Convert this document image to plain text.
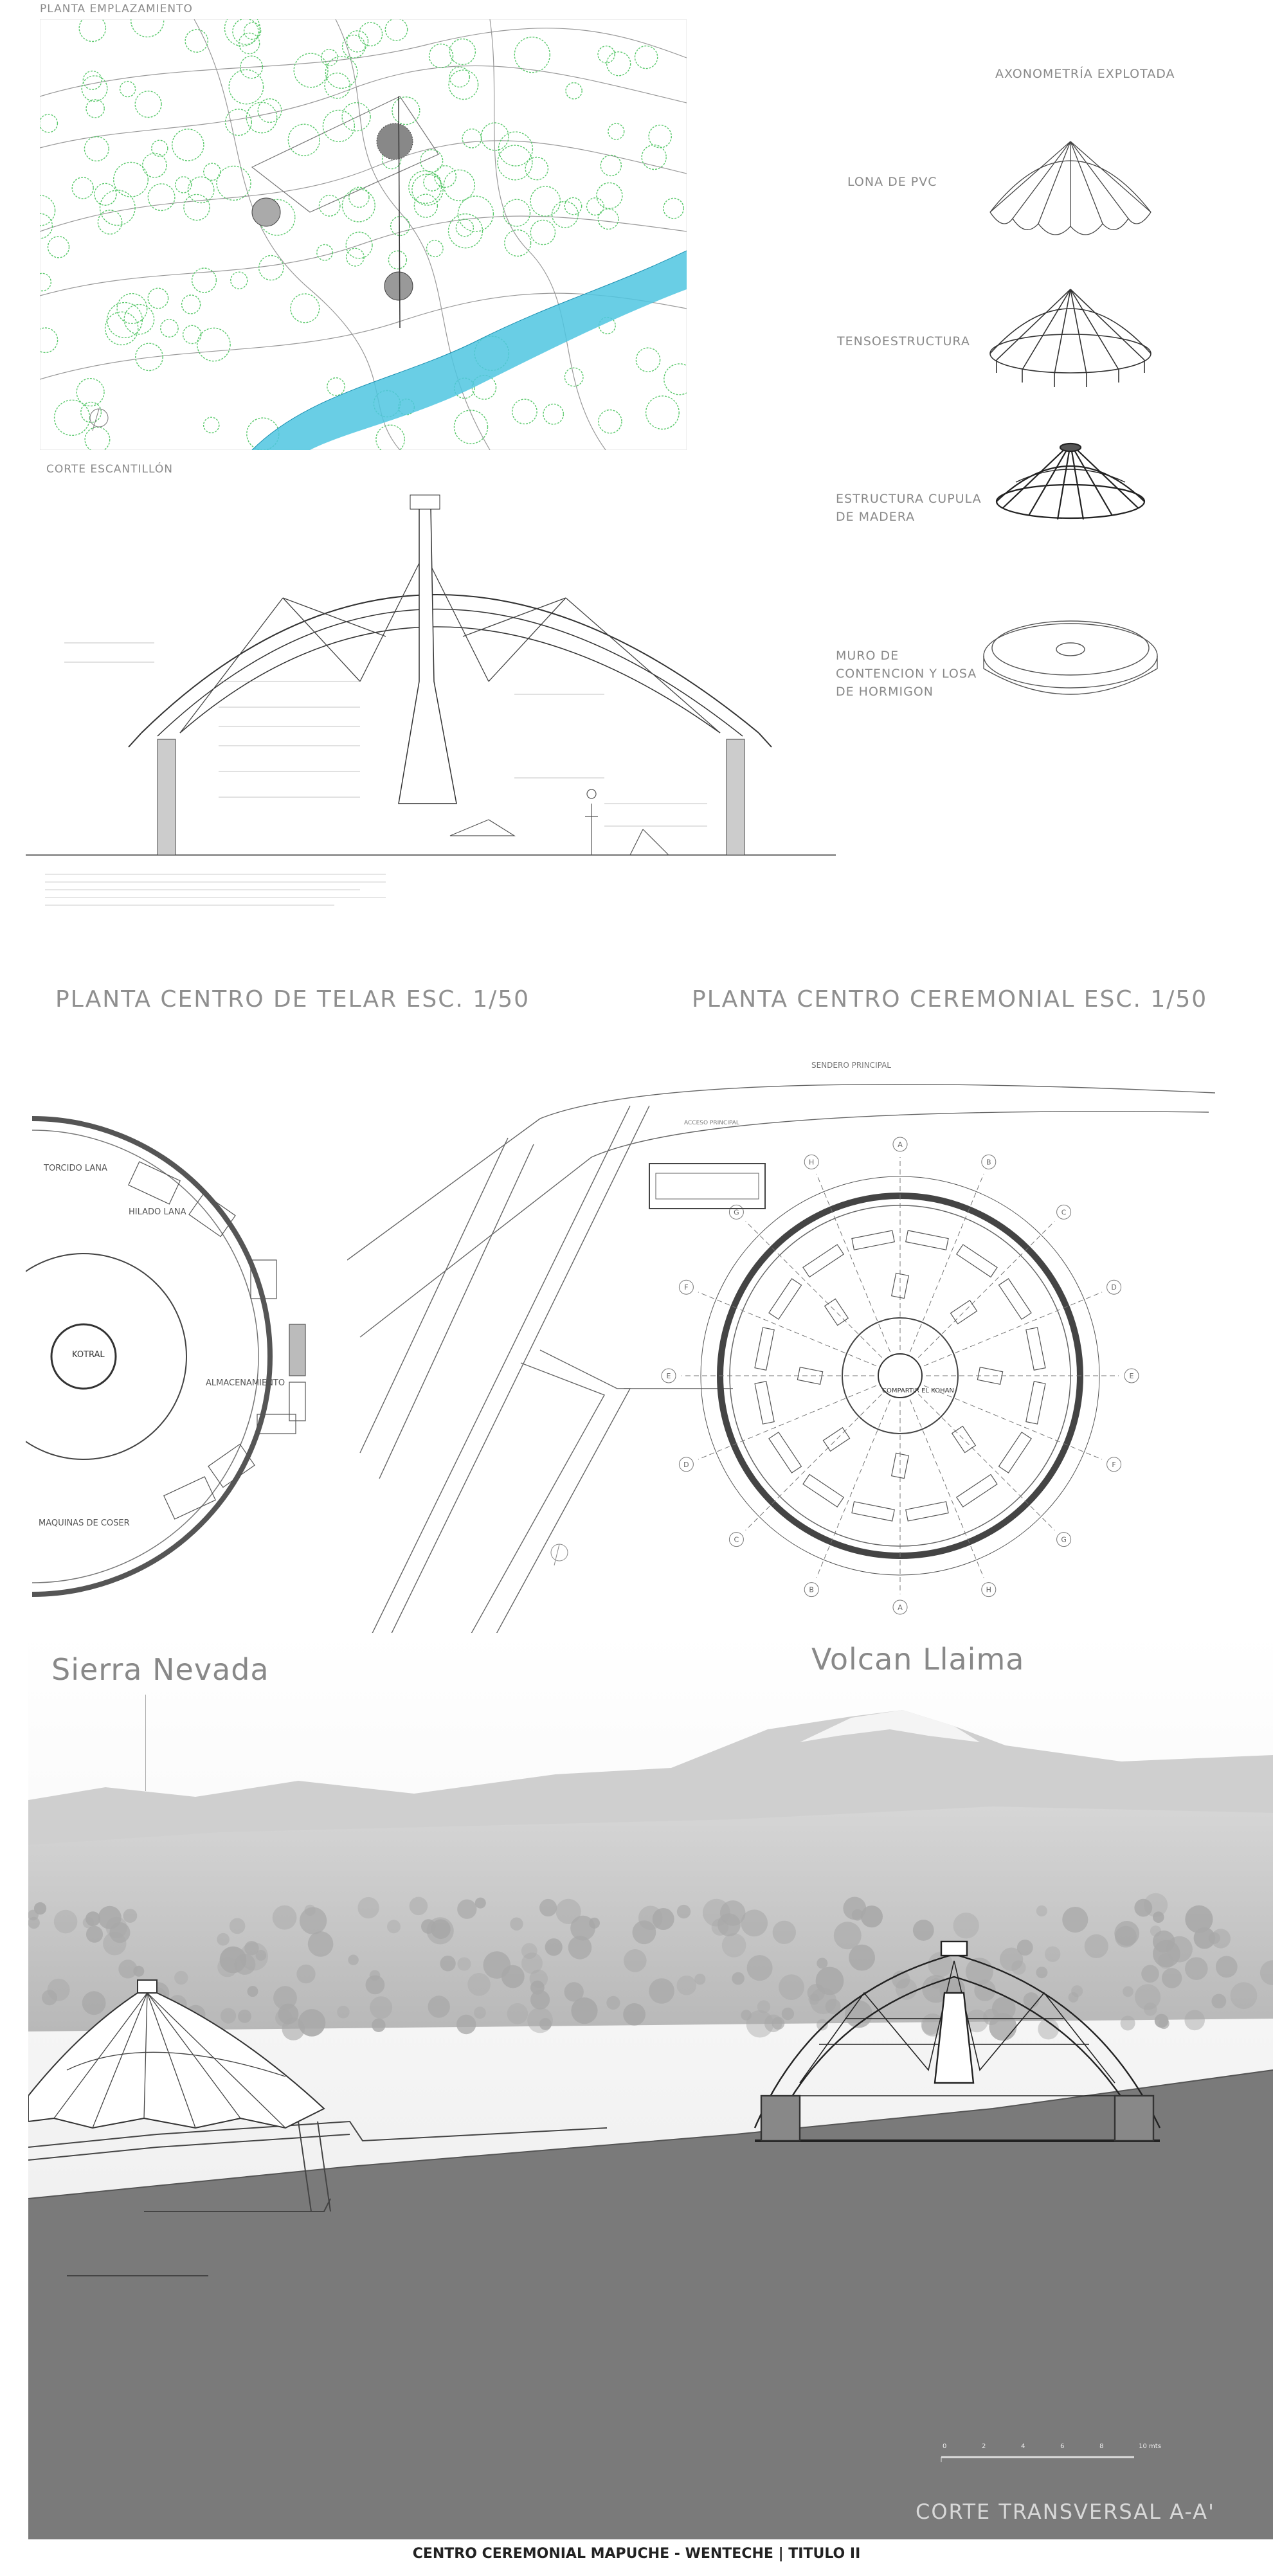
PLANTA EMPLAZAMIENTO
AXONOMETRÍA EXPLOTADA
LONA DE PVC
TENSOESTRUCTURA
ESTRUCTURA CUPULA DE MADERA
MURO DE CONTENCION Y LOSA DE HORMIGON
CORTE ESCANTILLÓN
PLANTA CENTRO DE TELAR ESC. 1/50	PLANTA CENTRO CEREMONIAL ESC. 1/50
TORCIDO LANA
HILADO LANA
KOTRAL
ALMACENAMIENTO
MAQUINAS DE COSER
A
B
C
D
E
F
G
H
A
B
C
D
E
F
G
H
SENDERO PRINCIPAL
ACCESO PRINCIPAL
COMPARTIR EL KOHAN
Sierra Nevada	Volcan Llaima
0	2	4	6	8	10 mts
CORTE TRANSVERSAL A-A'
CENTRO CEREMONIAL MAPUCHE - WENTECHE | TITULO II
